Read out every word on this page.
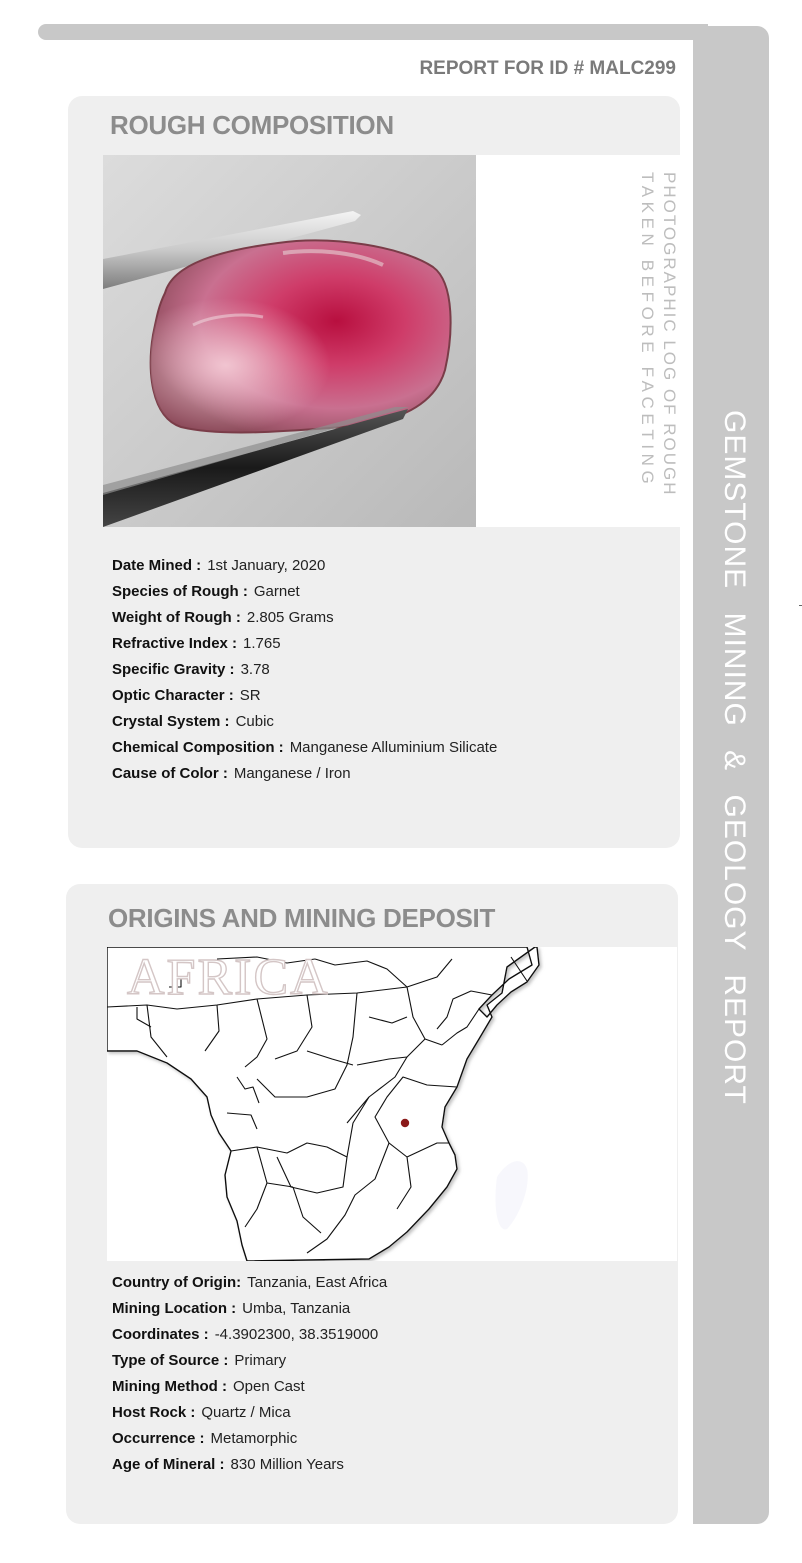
GEMSTONE MINING & GEOLOGY REPORT
REPORT FOR ID # MALC299
ROUGH COMPOSITION
PHOTOGRAPHIC LOG OF ROUGH
TAKEN BEFORE FACETING
Date Mined : 1st January, 2020
Species of Rough : Garnet
Weight of Rough : 2.805 Grams
Refractive Index : 1.765
Specific Gravity : 3.78
Optic Character : SR
Crystal System : Cubic
Chemical Composition : Manganese Alluminium Silicate
Cause of Color : Manganese / Iron
ORIGINS AND MINING DEPOSIT
AFRICA
Country of Origin: Tanzania, East Africa
Mining Location : Umba, Tanzania
Coordinates : -4.3902300, 38.3519000
Type of Source : Primary
Mining Method : Open Cast
Host Rock : Quartz / Mica
Occurrence : Metamorphic
Age of Mineral : 830 Million Years
